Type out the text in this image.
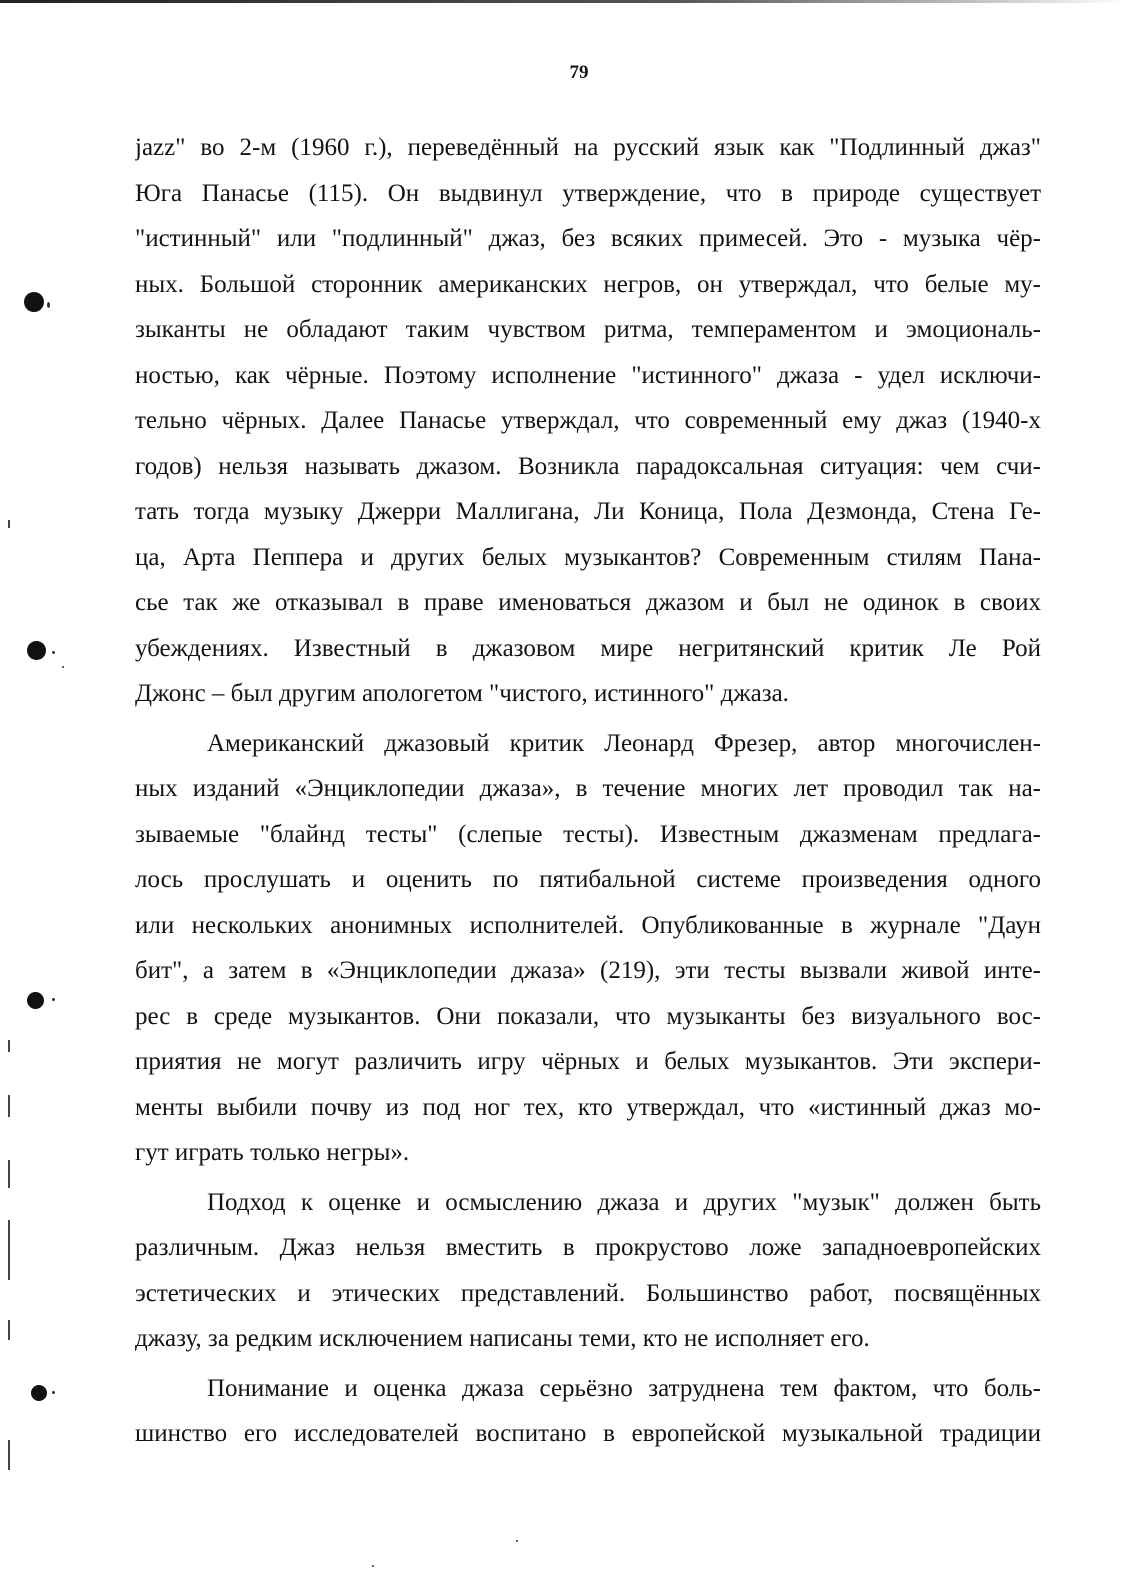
79
jazz" во 2-м (1960 г.), переведённый на русский язык как "Подлинный джаз"
Юга Панасье (115). Он выдвинул утверждение, что в природе существует
"истинный" или "подлинный" джаз, без всяких примесей. Это - музыка чёр-
ных. Большой сторонник американских негров, он утверждал, что белые му-
зыканты не обладают таким чувством ритма, темпераментом и эмоциональ-
ностью, как чёрные. Поэтому исполнение "истинного" джаза - удел исключи-
тельно чёрных. Далее Панасье утверждал, что современный ему джаз (1940-х
годов) нельзя называть джазом. Возникла парадоксальная ситуация: чем счи-
тать тогда музыку Джерри Маллигана, Ли Коница, Пола Дезмонда, Стена Ге-
ца, Арта Пеппера и других белых музыкантов? Современным стилям Пана-
сье так же отказывал в праве именоваться джазом и был не одинок в своих
убеждениях. Известный в джазовом мире негритянский критик Ле Рой
Джонс – был другим апологетом "чистого, истинного" джаза.
Американский джазовый критик Леонард Фрезер, автор многочислен-
ных изданий «Энциклопедии джаза», в течение многих лет проводил так на-
зываемые "блайнд тесты" (слепые тесты). Известным джазменам предлага-
лось прослушать и оценить по пятибальной системе произведения одного
или нескольких анонимных исполнителей. Опубликованные в журнале "Даун
бит", а затем в «Энциклопедии джаза» (219), эти тесты вызвали живой инте-
рес в среде музыкантов. Они показали, что музыканты без визуального вос-
приятия не могут различить игру чёрных и белых музыкантов. Эти экспери-
менты выбили почву из под ног тех, кто утверждал, что «истинный джаз мо-
гут играть только негры».
Подход к оценке и осмыслению джаза и других "музык" должен быть
различным. Джаз нельзя вместить в прокрустово ложе западноевропейских
эстетических и этических представлений. Большинство работ, посвящённых
джазу, за редким исключением написаны теми, кто не исполняет его.
Понимание и оценка джаза серьёзно затруднена тем фактом, что боль-
шинство его исследователей воспитано в европейской музыкальной традиции
